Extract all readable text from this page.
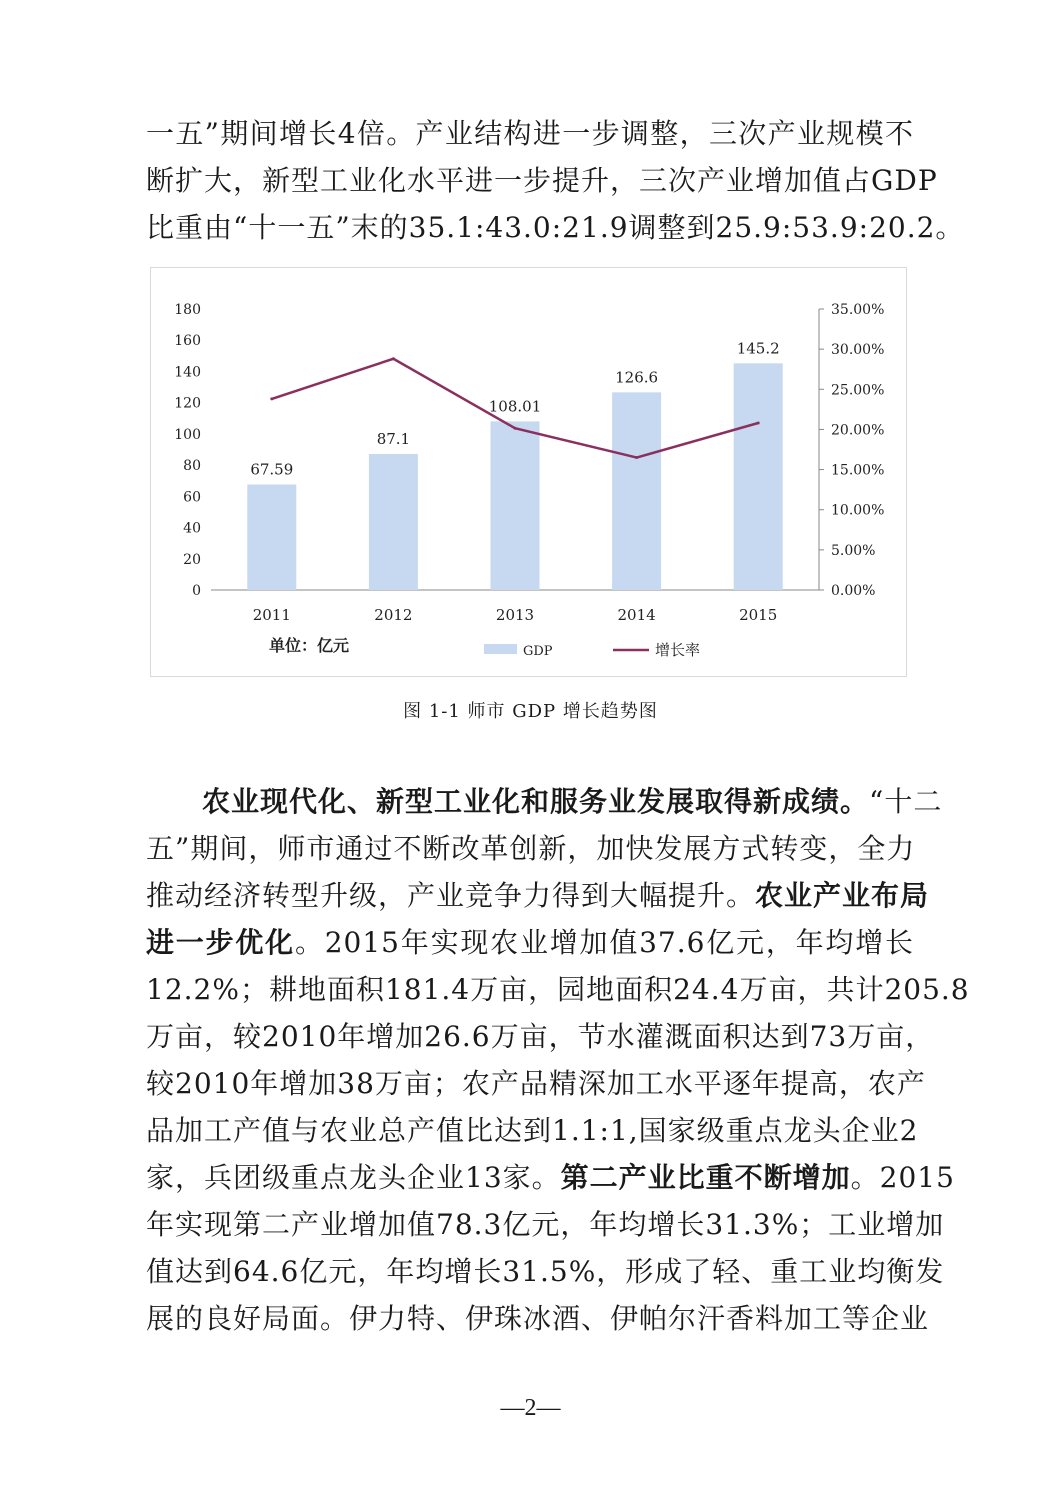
一五”期间增长4倍。产业结构进一步调整，三次产业规模不
断扩大，新型工业化水平进一步提升，三次产业增加值占GDP
比重由“十一五”末的35.1:43.0:21.9调整到25.9:53.9:20.2。
0
20
40
60
80
100
120
140
160
180
0.00%
5.00%
10.00%
15.00%
20.00%
25.00%
30.00%
35.00%
67.59
87.1
108.01
126.6
145.2
2011	2012	2013	2014	2015
单位：亿元	GDP	增长率
图 1-1 师市 GDP 增长趋势图
农业现代化、新型工业化和服务业发展取得新成绩。“十二
五”期间，师市通过不断改革创新，加快发展方式转变，全力
推动经济转型升级，产业竞争力得到大幅提升。农业产业布局
进一步优化。2015年实现农业增加值37.6亿元，年均增长
12.2%；耕地面积181.4万亩，园地面积24.4万亩，共计205.8
万亩，较2010年增加26.6万亩，节水灌溉面积达到73万亩，
较2010年增加38万亩；农产品精深加工水平逐年提高，农产
品加工产值与农业总产值比达到1.1:1,国家级重点龙头企业2
家，兵团级重点龙头企业13家。第二产业比重不断增加。2015
年实现第二产业增加值78.3亿元，年均增长31.3%；工业增加
值达到64.6亿元，年均增长31.5%，形成了轻、重工业均衡发
展的良好局面。伊力特、伊珠冰酒、伊帕尔汗香料加工等企业
—2—
